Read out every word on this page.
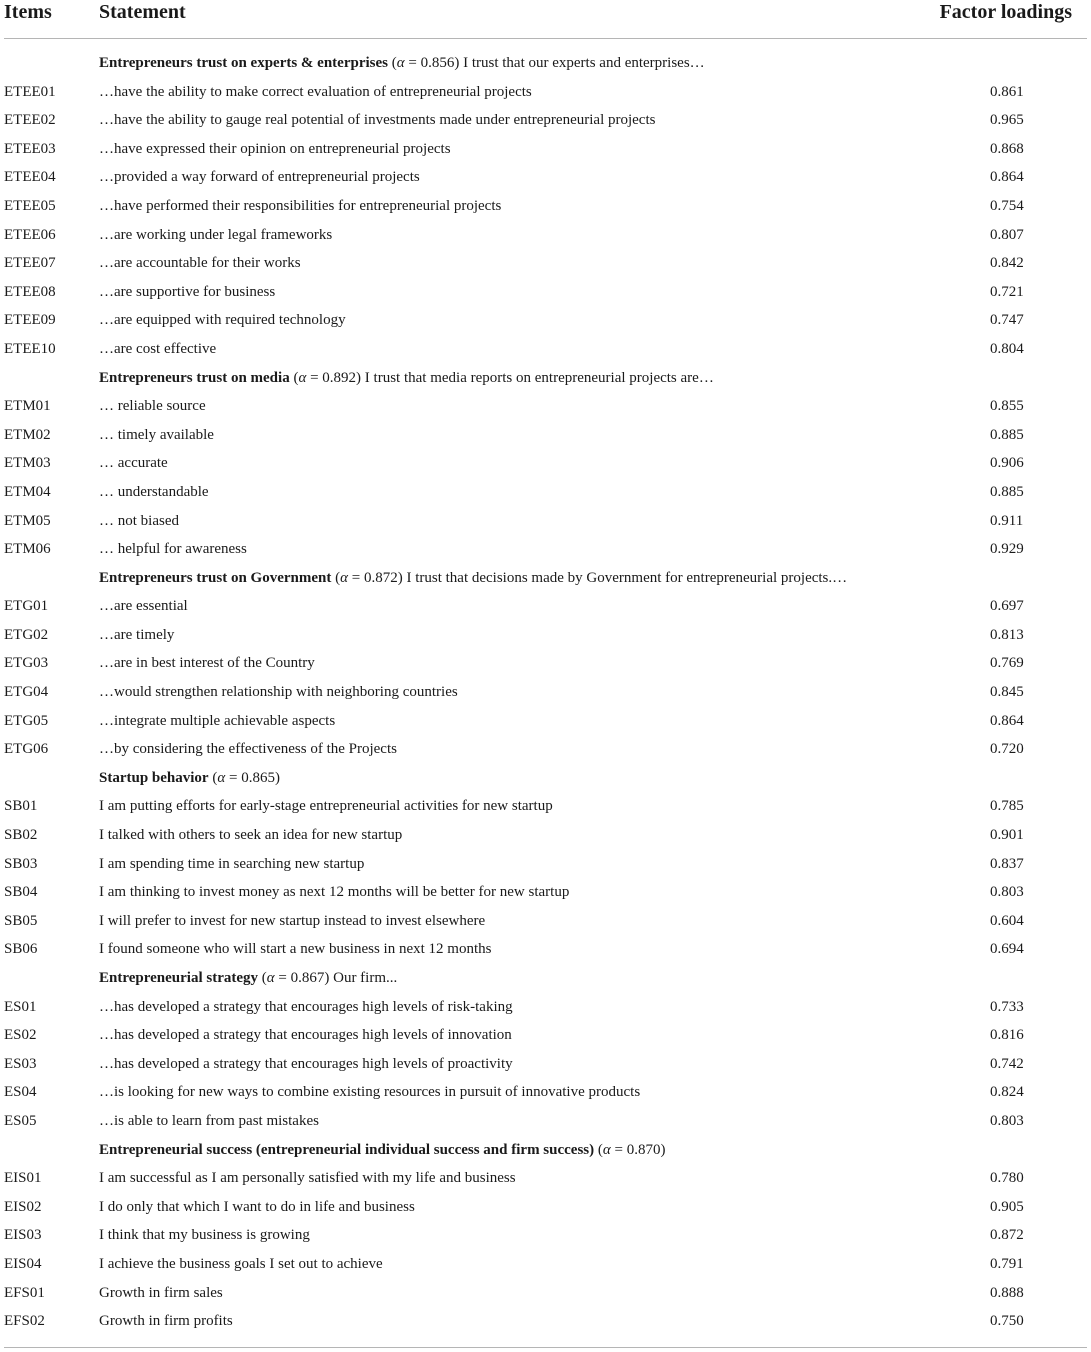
Items Statement	Factor loadings
Entrepreneurs trust on experts & enterprises (α = 0.856) I trust that our experts and enterprises…
ETEE01	…have the ability to make correct evaluation of entrepreneurial projects	0.861
ETEE02	…have the ability to gauge real potential of investments made under entrepreneurial projects	0.965
ETEE03	…have expressed their opinion on entrepreneurial projects	0.868
ETEE04	…provided a way forward of entrepreneurial projects	0.864
ETEE05	…have performed their responsibilities for entrepreneurial projects	0.754
ETEE06	…are working under legal frameworks	0.807
ETEE07	…are accountable for their works	0.842
ETEE08	…are supportive for business	0.721
ETEE09	…are equipped with required technology	0.747
ETEE10	…are cost effective	0.804
Entrepreneurs trust on media (α = 0.892) I trust that media reports on entrepreneurial projects are…
ETM01	… reliable source	0.855
ETM02	… timely available	0.885
ETM03	… accurate	0.906
ETM04	… understandable	0.885
ETM05	… not biased	0.911
ETM06	… helpful for awareness	0.929
Entrepreneurs trust on Government (α = 0.872) I trust that decisions made by Government for entrepreneurial projects.…
ETG01	…are essential	0.697
ETG02	…are timely	0.813
ETG03	…are in best interest of the Country	0.769
ETG04	…would strengthen relationship with neighboring countries	0.845
ETG05	…integrate multiple achievable aspects	0.864
ETG06	…by considering the effectiveness of the Projects	0.720
Startup behavior (α = 0.865)
SB01	I am putting efforts for early-stage entrepreneurial activities for new startup	0.785
SB02	I talked with others to seek an idea for new startup	0.901
SB03	I am spending time in searching new startup	0.837
SB04	I am thinking to invest money as next 12 months will be better for new startup	0.803
SB05	I will prefer to invest for new startup instead to invest elsewhere	0.604
SB06	I found someone who will start a new business in next 12 months	0.694
Entrepreneurial strategy (α = 0.867) Our firm...
ES01	…has developed a strategy that encourages high levels of risk-taking	0.733
ES02	…has developed a strategy that encourages high levels of innovation	0.816
ES03	…has developed a strategy that encourages high levels of proactivity	0.742
ES04	…is looking for new ways to combine existing resources in pursuit of innovative products	0.824
ES05	…is able to learn from past mistakes	0.803
Entrepreneurial success (entrepreneurial individual success and firm success) (α = 0.870)
EIS01	I am successful as I am personally satisfied with my life and business	0.780
EIS02	I do only that which I want to do in life and business	0.905
EIS03	I think that my business is growing	0.872
EIS04	I achieve the business goals I set out to achieve	0.791
EFS01	Growth in firm sales	0.888
EFS02	Growth in firm profits	0.750
